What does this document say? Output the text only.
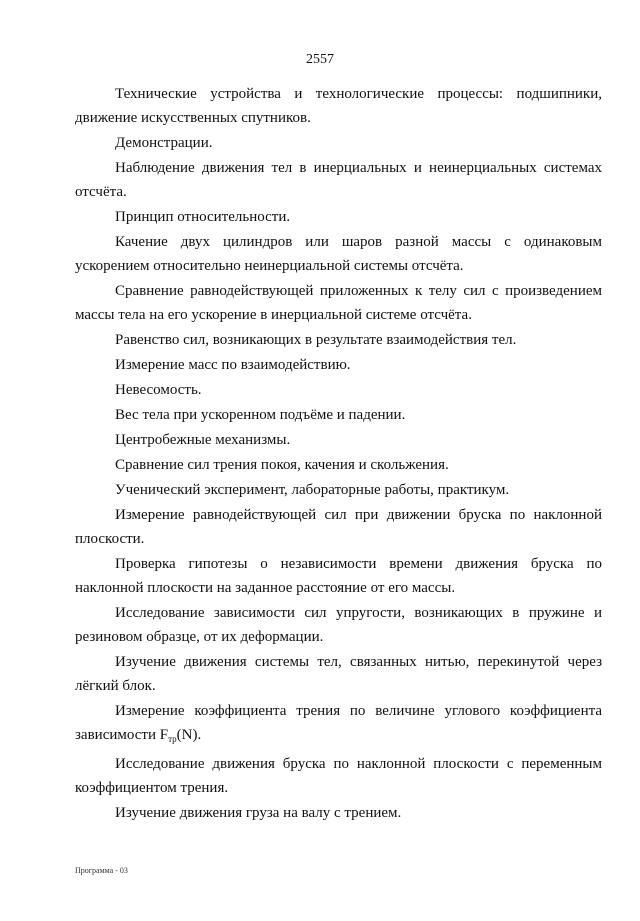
2557

Технические устройства и технологические процессы: подшипники, движение искусственных спутников.

Демонстрации.

Наблюдение движения тел в инерциальных и неинерциальных системах отсчёта.

Принцип относительности.

Качение двух цилиндров или шаров разной массы с одинаковым ускорением относительно неинерциальной системы отсчёта.

Сравнение равнодействующей приложенных к телу сил с произведением массы тела на его ускорение в инерциальной системе отсчёта.

Равенство сил, возникающих в результате взаимодействия тел.

Измерение масс по взаимодействию.

Невесомость.

Вес тела при ускоренном подъёме и падении.

Центробежные механизмы.

Сравнение сил трения покоя, качения и скольжения.

Ученический эксперимент, лабораторные работы, практикум.

Измерение равнодействующей сил при движении бруска по наклонной плоскости.

Проверка гипотезы о независимости времени движения бруска по наклонной плоскости на заданное расстояние от его массы.

Исследование зависимости сил упругости, возникающих в пружине и резиновом образце, от их деформации.

Изучение движения системы тел, связанных нитью, перекинутой через лёгкий блок.

Измерение коэффициента трения по величине углового коэффициента

зависимости $F_{тр}(N)$.

Исследование движения бруска по наклонной плоскости с переменным коэффициентом трения.

Изучение движения груза на валу с трением.

Программа - 03
